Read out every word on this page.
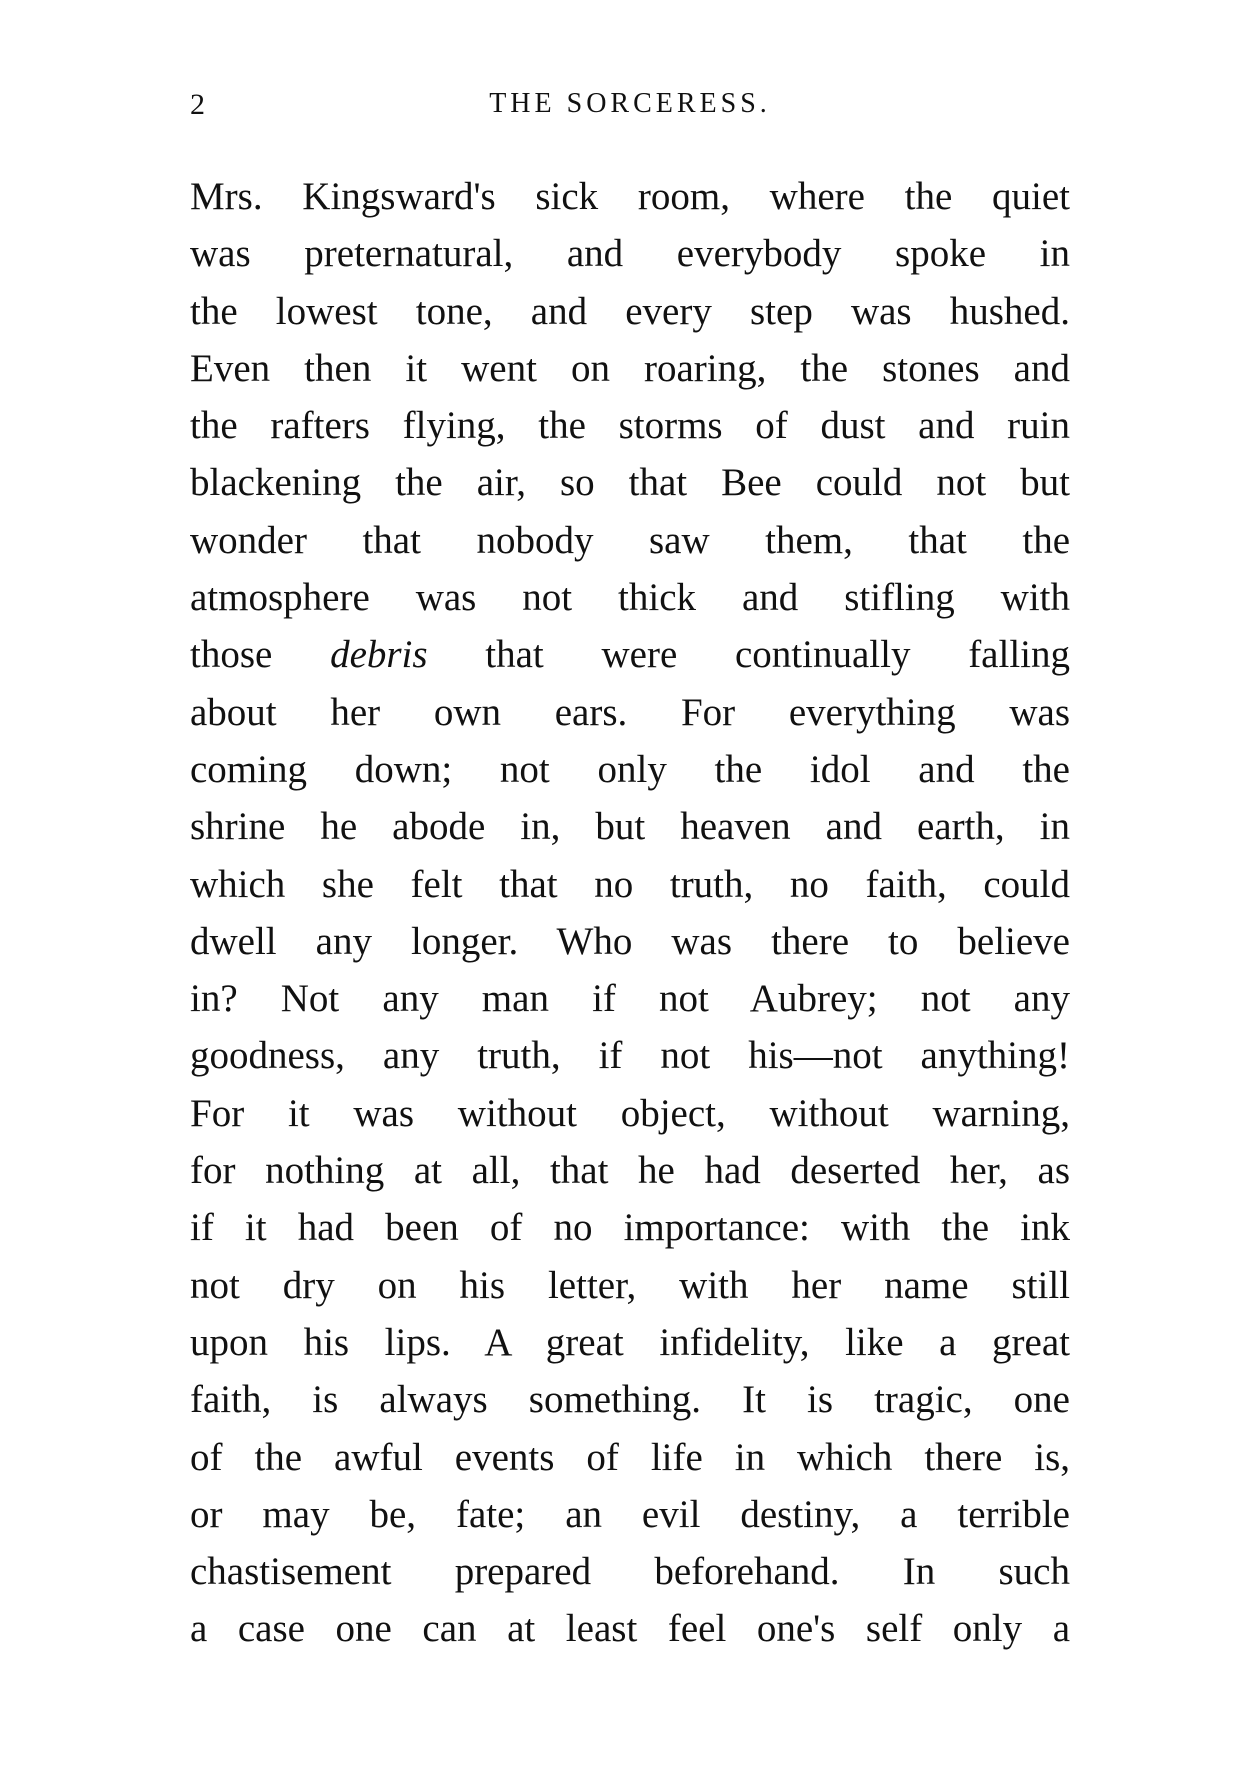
2	THE SORCERESS.
Mrs. Kingsward's sick room, where the quiet
was preternatural, and everybody spoke in
the lowest tone, and every step was hushed.
Even then it went on roaring, the stones and
the rafters flying, the storms of dust and ruin
blackening the air, so that Bee could not but
wonder that nobody saw them, that the
atmosphere was not thick and stifling with
those debris that were continually falling
about her own ears. For everything was
coming down; not only the idol and the
shrine he abode in, but heaven and earth, in
which she felt that no truth, no faith, could
dwell any longer. Who was there to believe
in? Not any man if not Aubrey; not any
goodness, any truth, if not his—not anything!
For it was without object, without warning,
for nothing at all, that he had deserted her, as
if it had been of no importance: with the ink
not dry on his letter, with her name still
upon his lips. A great infidelity, like a great
faith, is always something. It is tragic, one
of the awful events of life in which there is,
or may be, fate; an evil destiny, a terrible
chastisement prepared beforehand. In such
a case one can at least feel one's self only a
